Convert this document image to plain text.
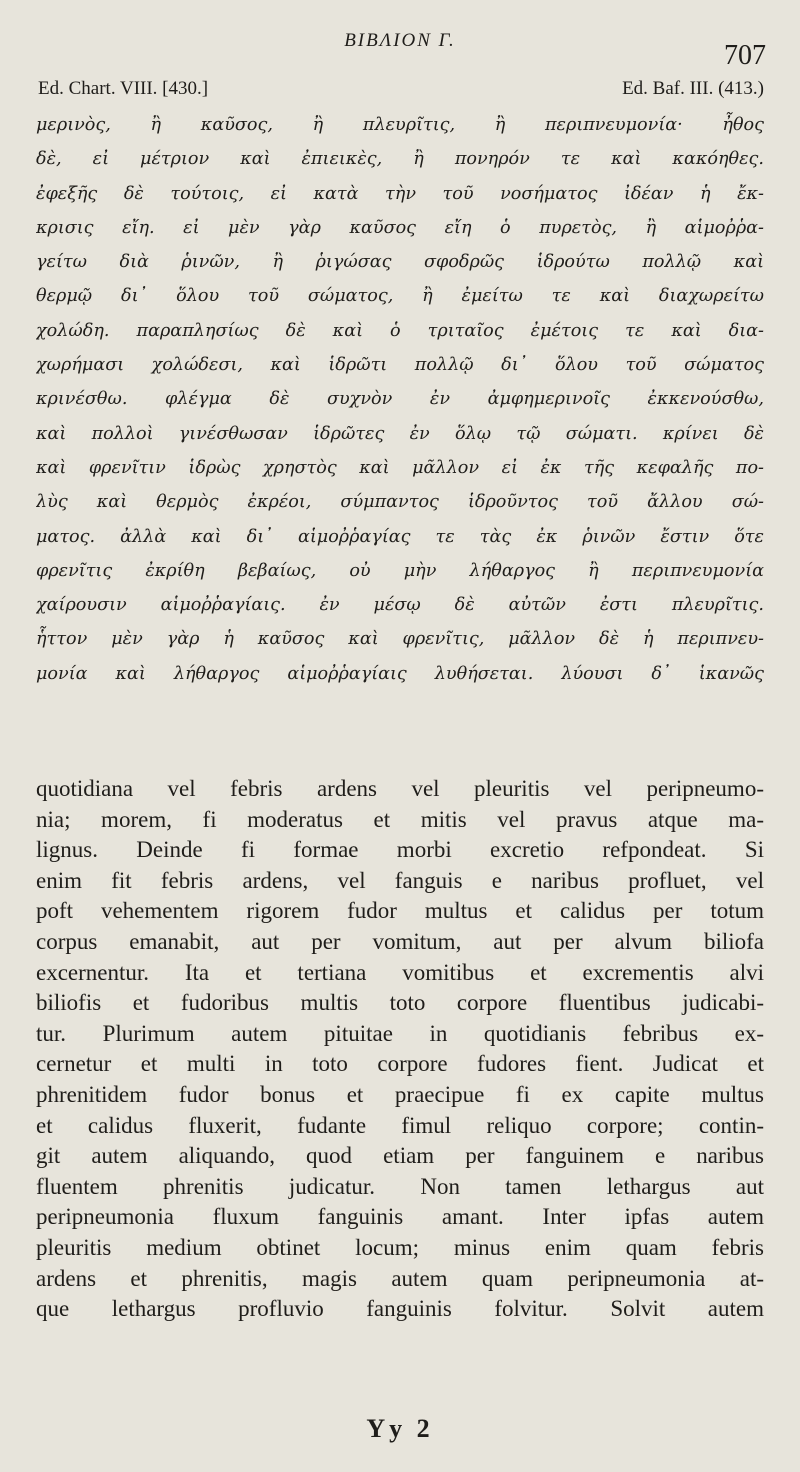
ΒΙΒΛΙΟΝ Γ.	707
Ed. Chart. VIII. [430.]	Ed. Baf. III. (413.)
μερινὸς, ἢ καῦσος, ἢ πλευρῖτις, ἢ περιπνευμονία· ἦθος
δὲ, εἰ μέτριον καὶ ἐπιεικὲς, ἢ πονηρόν τε καὶ κακόηθες.
ἐφεξῆς δὲ τούτοις, εἰ κατὰ τὴν τοῦ νοσήματος ἰδέαν ἡ ἔκ-
κρισις εἴη. εἰ μὲν γὰρ καῦσος εἴη ὁ πυρετὸς, ἢ αἱμοῤῥα-
γείτω διὰ ῥινῶν, ἢ ῥιγώσας σφοδρῶς ἱδρούτω πολλῷ καὶ
θερμῷ δι᾽ ὅλου τοῦ σώματος, ἢ ἐμείτω τε καὶ διαχωρείτω
χολώδη. παραπλησίως δὲ καὶ ὁ τριταῖος ἐμέτοις τε καὶ δια-
χωρήμασι χολώδεσι, καὶ ἱδρῶτι πολλῷ δι᾽ ὅλου τοῦ σώματος
κρινέσθω. φλέγμα δὲ συχνὸν ἐν ἀμφημερινοῖς ἐκκενούσθω,
καὶ πολλοὶ γινέσθωσαν ἱδρῶτες ἐν ὅλῳ τῷ σώματι. κρίνει δὲ
καὶ φρενῖτιν ἱδρὼς χρηστὸς καὶ μᾶλλον εἰ ἐκ τῆς κεφαλῆς πο-
λὺς καὶ θερμὸς ἐκρέοι, σύμπαντος ἱδροῦντος τοῦ ἄλλου σώ-
ματος. ἀλλὰ καὶ δι᾽ αἱμοῤῥαγίας τε τὰς ἐκ ῥινῶν ἔστιν ὅτε
φρενῖτις ἐκρίθη βεβαίως, οὐ μὴν λήθαργος ἢ περιπνευμονία
χαίρουσιν αἱμοῤῥαγίαις. ἐν μέσῳ δὲ αὐτῶν ἐστι πλευρῖτις.
ἧττον μὲν γὰρ ἡ καῦσος καὶ φρενῖτις, μᾶλλον δὲ ἡ περιπνευ-
μονία καὶ λήθαργος αἱμοῤῥαγίαις λυθήσεται. λύουσι δ᾽ ἱκανῶς
quotidiana vel febris ardens vel pleuritis vel peripneumo-
nia; morem, fi moderatus et mitis vel pravus atque ma-
lignus. Deinde fi formae morbi excretio refpondeat. Si
enim fit febris ardens, vel fanguis e naribus profluet, vel
poft vehementem rigorem fudor multus et calidus per totum
corpus emanabit, aut per vomitum, aut per alvum biliofa
excernentur. Ita et tertiana vomitibus et excrementis alvi
biliofis et fudoribus multis toto corpore fluentibus judicabi-
tur. Plurimum autem pituitae in quotidianis febribus ex-
cernetur et multi in toto corpore fudores fient. Judicat et
phrenitidem fudor bonus et praecipue fi ex capite multus
et calidus fluxerit, fudante fimul reliquo corpore; contin-
git autem aliquando, quod etiam per fanguinem e naribus
fluentem phrenitis judicatur. Non tamen lethargus aut
peripneumonia fluxum fanguinis amant. Inter ipfas autem
pleuritis medium obtinet locum; minus enim quam febris
ardens et phrenitis, magis autem quam peripneumonia at-
que lethargus profluvio fanguinis folvitur. Solvit autem
Yy 2
